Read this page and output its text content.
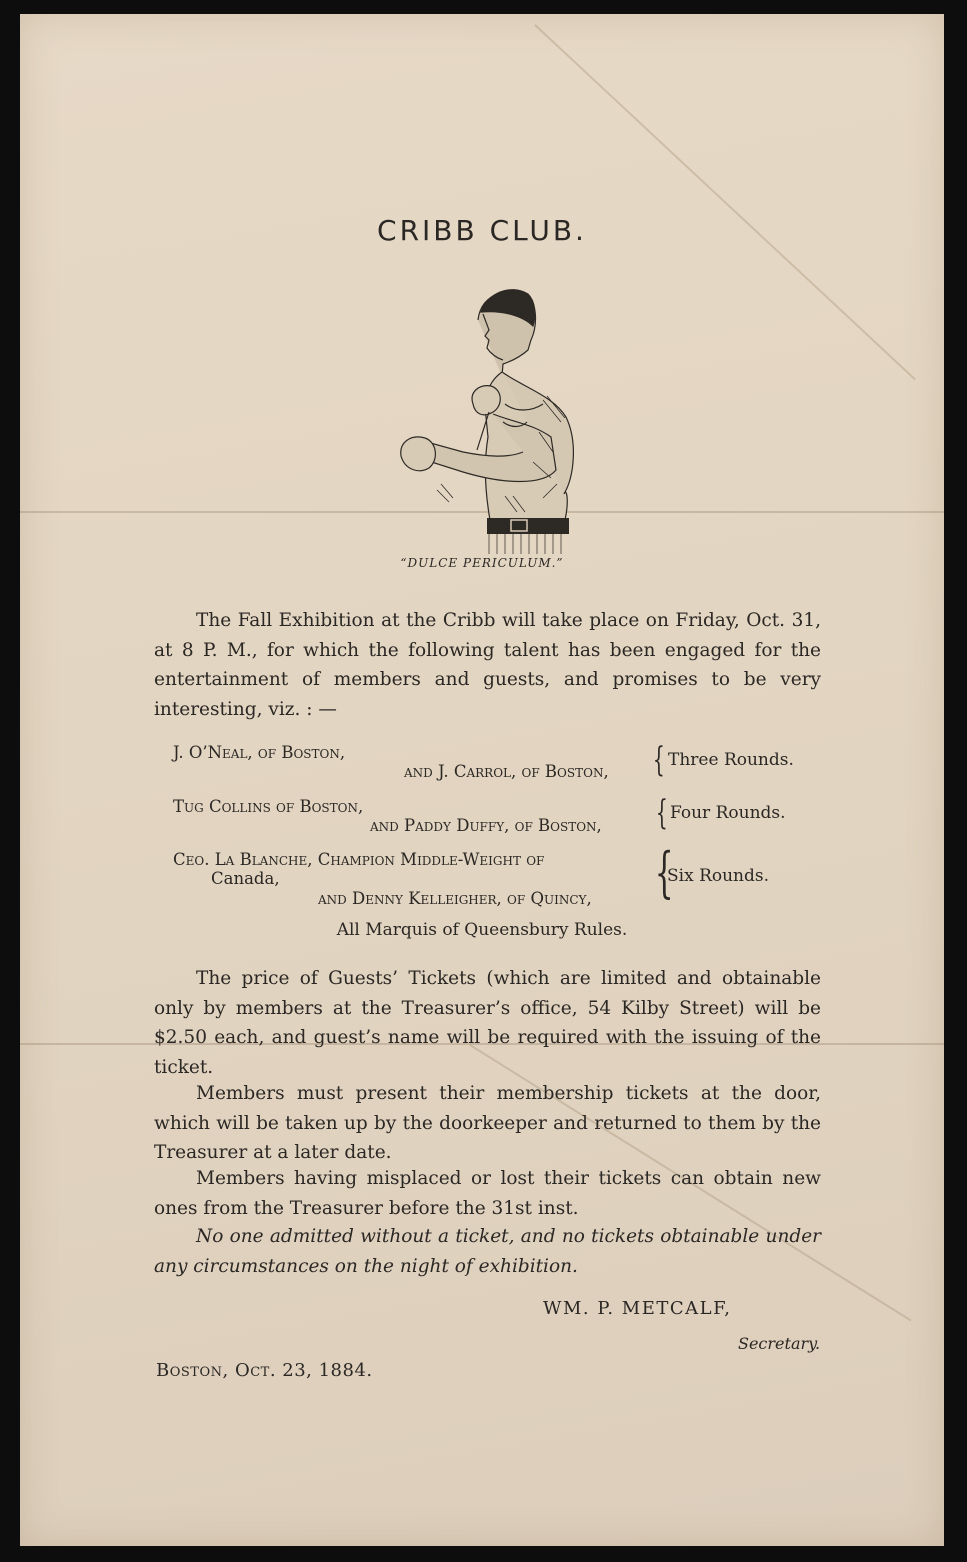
CRIBB CLUB.
“DULCE PERICULUM.”

The Fall Exhibition at the Cribb will take place on Friday, Oct. 31, at 8 P. M., for which the following talent has been engaged for the entertainment of members and guests, and promises to be very interesting, viz. : —

J. O’Neal, of Boston,
and J. Carrol, of Boston, { Three Rounds.
Tug Collins of Boston,
and Paddy Duffy, of Boston, { Four Rounds.
Ceo. La Blanche, Champion Middle-Weight of
Canada,
and Denny Kelleigher, of Quincy, {
Six Rounds.
All Marquis of Queensbury Rules.

The price of Guests’ Tickets (which are limited and obtainable only by members at the Treasurer’s office, 54 Kilby Street) will be $2.50 each, and guest’s name will be required with the issuing of the ticket.

Members must present their membership tickets at the door, which will be taken up by the doorkeeper and returned to them by the Treasurer at a later date.

Members having misplaced or lost their tickets can obtain new ones from the Treasurer before the 31st inst.

No one admitted without a ticket, and no tickets obtainable under any circumstances on the night of exhibition.

WM. P. METCALF,
Secretary.
Boston, Oct. 23, 1884.
